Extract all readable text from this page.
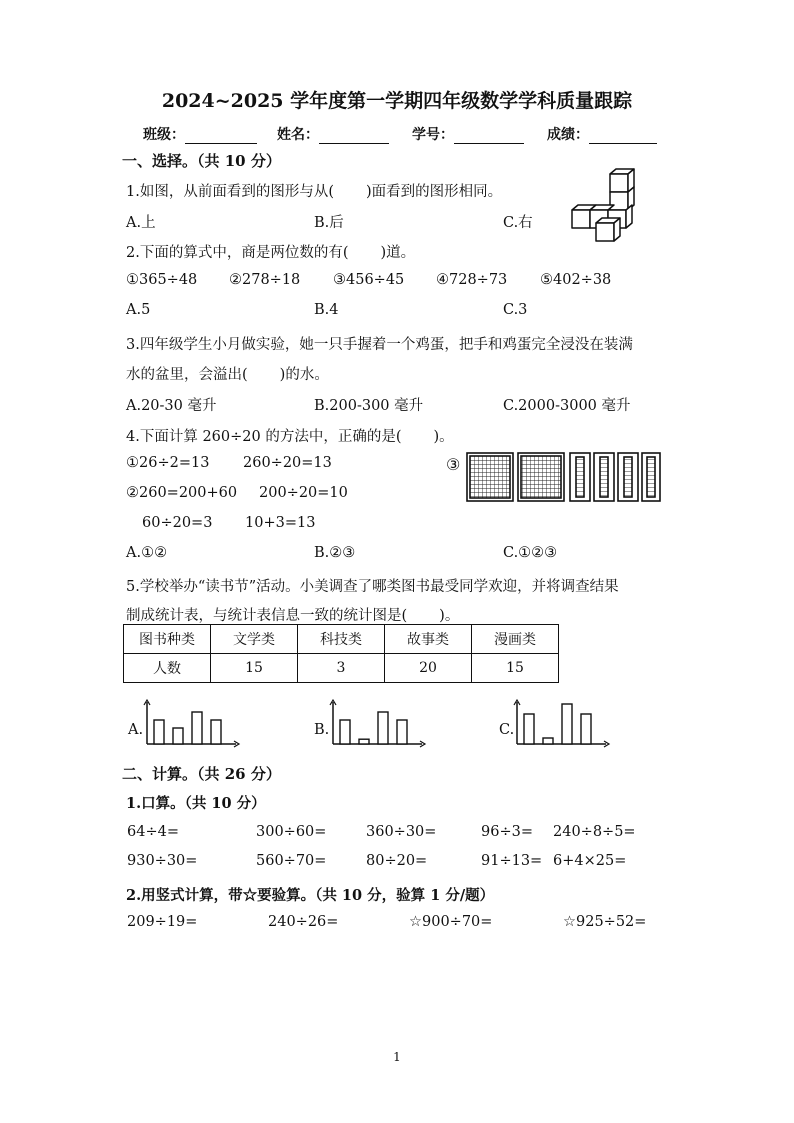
2024~2025 学年度第一学期四年级数学学科质量跟踪
班级：	姓名：	学号：	成绩：
一、选择。（共 10 分）
1.如图，从前面看到的图形与从( )面看到的图形相同。
A.上	B.后	C.右
2.下面的算式中，商是两位数的有( )道。
①365÷48 ②278÷18 ③456÷45 ④728÷73 ⑤402÷38
A.5	B.4	C.3
3.四年级学生小月做实验，她一只手握着一个鸡蛋，把手和鸡蛋完全浸没在装满
水的盆里，会溢出( )的水。
A.20-30 毫升	B.200-300 毫升	C.2000-3000 毫升
4.下面计算 260÷20 的方法中，正确的是( )。
①26÷2=13 260÷20=13
②260=200+60 200÷20=10
60÷20=3 10+3=13
③
A.①②	B.②③	C.①②③
5.学校举办“读书节”活动。小美调查了哪类图书最受同学欢迎，并将调查结果
制成统计表，与统计表信息一致的统计图是( )。
图书种类	文学类	科技类	故事类	漫画类
人数	15	3	20	15
A.	B.	C.
二、计算。（共 26 分）
1.口算。（共 10 分）
64÷4=	300÷60=	360÷30=	96÷3= 240÷8÷5=
930÷30=	560÷70=	80÷20=	91÷13= 6+4×25=
2.用竖式计算，带☆要验算。（共 10 分，验算 1 分/题）
209÷19=	240÷26=	☆900÷70=	☆925÷52=
1
